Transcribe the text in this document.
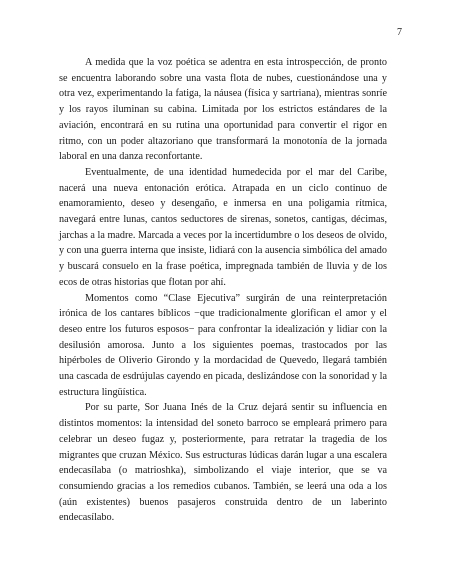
7

A medida que la voz poética se adentra en esta introspección, de pronto se encuentra laborando sobre una vasta flota de nubes, cuestionándose una y otra vez, experimentando la fatiga, la náusea (física y sartriana), mientras sonríe y los rayos iluminan su cabina. Limitada por los estrictos estándares de la aviación, encontrará en su rutina una oportunidad para convertir el rigor en ritmo, con un poder altazoriano que transformará la monotonía de la jornada laboral en una danza reconfortante.

Eventualmente, de una identidad humedecida por el mar del Caribe, nacerá una nueva entonación erótica. Atrapada en un ciclo continuo de enamoramiento, deseo y desengaño, e inmersa en una poligamia rítmica, navegará entre lunas, cantos seductores de sirenas, sonetos, cantigas, décimas, jarchas a la madre. Marcada a veces por la incertidumbre o los deseos de olvido, y con una guerra interna que insiste, lidiará con la ausencia simbólica del amado y buscará consuelo en la frase poética, impregnada también de lluvia y de los ecos de otras historias que flotan por ahí.

Momentos como “Clase Ejecutiva” surgirán de una reinterpretación irónica de los cantares bíblicos −que tradicionalmente glorifican el amor y el deseo entre los futuros esposos− para confrontar la idealización y lidiar con la desilusión amorosa. Junto a los siguientes poemas, trastocados por las hipérboles de Oliverio Girondo y la mordacidad de Quevedo, llegará también una cascada de esdrújulas cayendo en picada, deslizándose con la sonoridad y la estructura lingüística.

Por su parte, Sor Juana Inés de la Cruz dejará sentir su influencia en distintos momentos: la intensidad del soneto barroco se empleará primero para celebrar un deseo fugaz y, posteriormente, para retratar la tragedia de los migrantes que cruzan México. Sus estructuras lúdicas darán lugar a una escalera endecasílaba (o matrioshka), simbolizando el viaje interior, que se va consumiendo gracias a los remedios cubanos. También, se leerá una oda a los (aún existentes) buenos pasajeros construida dentro de un laberinto endecasílabo.
